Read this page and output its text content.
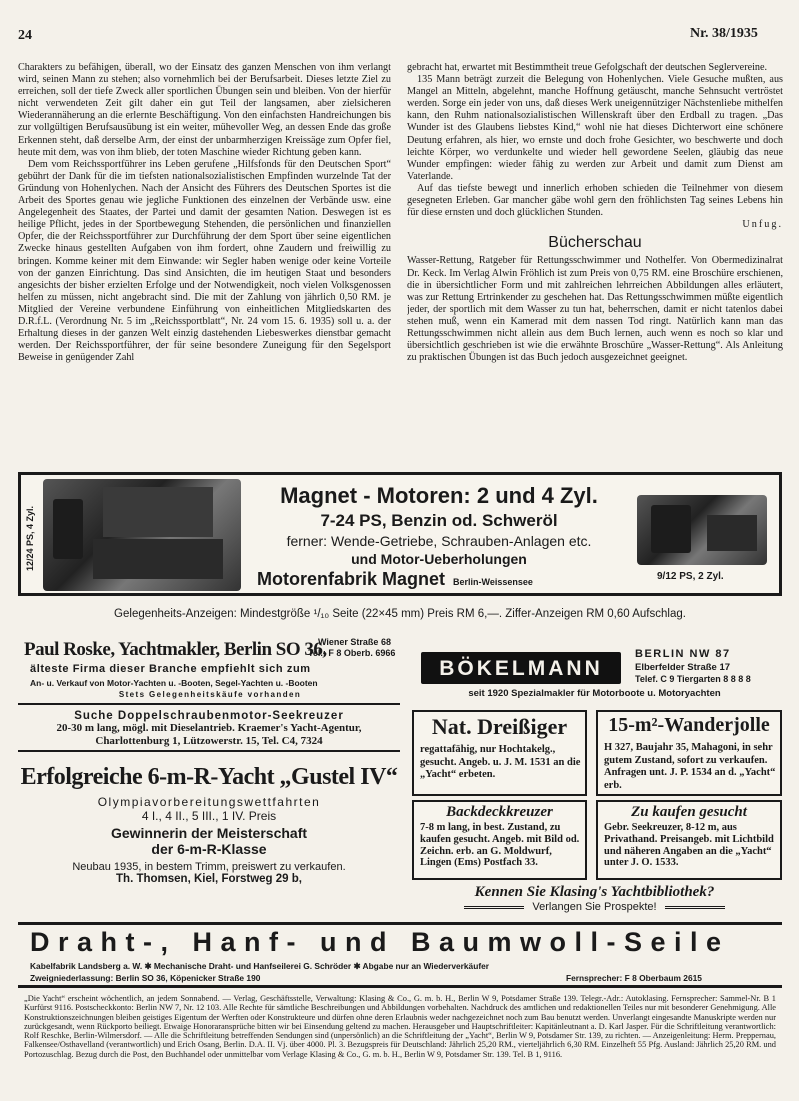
24	Nr. 38/1935

Charakters zu befähigen, überall, wo der Einsatz des ganzen Menschen von ihm verlangt wird, seinen Mann zu stehen; also vornehmlich bei der Berufsarbeit. Dieses letzte Ziel zu erreichen, soll der tiefe Zweck aller sportlichen Übungen sein und bleiben. Von der hierfür nicht verwendeten Zeit gilt daher ein gut Teil der langsamen, aber zielsicheren Wiederannäherung an die erlernte Beschäftigung. Von den einfachsten Handreichungen bis zur vollgültigen Berufsausübung ist ein weiter, mühevoller Weg, an dessen Ende das große Erkennen steht, daß derselbe Arm, der einst der unbarmherzigen Kreissäge zum Opfer fiel, heute mit dem, was von ihm blieb, der toten Maschine wieder Richtung geben kann.

Dem vom Reichssportführer ins Leben gerufene „Hilfsfonds für den Deutschen Sport“ gebührt der Dank für die im tiefsten nationalsozialistischen Empfinden wurzelnde Tat der Gründung von Hohenlychen. Nach der Ansicht des Führers des Deutschen Sportes ist die Arbeit des Sportes genau wie jegliche Funktionen des einzelnen der Verbände usw. eine Angelegenheit des Staates, der Partei und damit der gesamten Nation. Deswegen ist es heilige Pflicht, jedes in der Sportbewegung Stehenden, die persönlichen und finanziellen Opfer, die der Reichssportführer zur Durchführung der dem Sport über seine eigentlichen Zwecke hinaus gestellten Aufgaben von ihm fordert, ohne Zaudern und freiwillig zu bringen. Komme keiner mit dem Einwande: wir Segler haben wenige oder keine Vorteile von der ganzen Einrichtung. Das sind Ansichten, die im heutigen Staat und besonders angesichts der bisher erzielten Erfolge und der Notwendigkeit, noch vielen Volksgenossen helfen zu müssen, nicht angebracht sind. Die mit der Zahlung von jährlich 0,50 RM. je Mitglied der Vereine verbundene Einführung von einheitlichen Mitgliedskarten des D.R.f.L. (Verordnung Nr. 5 im „Reichssportblatt“, Nr. 24 vom 15. 6. 1935) soll u. a. der Erhaltung dieses in der ganzen Welt einzig dastehenden Liebeswerkes dienstbar gemacht werden. Der Reichssportführer, der für seine besondere Zuneigung für den Segelsport Beweise in genügender Zahl

gebracht hat, erwartet mit Bestimmtheit treue Gefolgschaft der deutschen Seglervereine.

135 Mann beträgt zurzeit die Belegung von Hohenlychen. Viele Gesuche mußten, aus Mangel an Mitteln, abgelehnt, manche Hoffnung getäuscht, manche Sehnsucht vertröstet werden. Sorge ein jeder von uns, daß dieses Werk uneigennütziger Nächstenliebe mithelfen kann, den Ruhm nationalsozialistischen Willenskraft über den Erdball zu tragen. „Das Wunder ist des Glaubens liebstes Kind,“ wohl nie hat dieses Dichterwort eine schönere Deutung erfahren, als hier, wo ernste und doch frohe Gesichter, wo beschwerte und doch leichte Körper, wo verdunkelte und wieder hell gewordene Seelen, gläubig das neue Wunder empfingen: wieder fähig zu werden zur Arbeit und damit zum Dienst am Vaterlande.

Auf das tiefste bewegt und innerlich erhoben schieden die Teilnehmer von diesem gesegneten Erleben. Gar mancher gäbe wohl gern den fröhlichsten Tag seines Lebens hin für diese ernsten und doch glücklichen Stunden.

Unfug.
Bücherschau

Wasser-Rettung, Ratgeber für Rettungsschwimmer und Nothelfer. Von Obermedizinalrat Dr. Keck. Im Verlag Alwin Fröhlich ist zum Preis von 0,75 RM. eine Broschüre erschienen, die in übersichtlicher Form und mit zahlreichen lehrreichen Abbildungen alles erläutert, was zur Rettung Ertrinkender zu geschehen hat. Das Rettungsschwimmen müßte eigentlich jeder, der sportlich mit dem Wasser zu tun hat, beherrschen, damit er nicht tatenlos dabei stehen muß, wenn ein Kamerad mit dem nassen Tod ringt. Natürlich kann man das Rettungsschwimmen nicht allein aus dem Buch lernen, auch wenn es noch so klar und übersichtlich geschrieben ist wie die erwähnte Broschüre „Wasser-Rettung“. Als Anleitung zu praktischen Übungen ist das Buch jedoch ausgezeichnet geeignet.

12/24 PS, 4 Zyl.
Magnet - Motoren: 2 und 4 Zyl.
7-24 PS, Benzin od. Schweröl
ferner: Wende-Getriebe, Schrauben-Anlagen etc.
und Motor-Ueberholungen
Motorenfabrik Magnet Berlin-Weissensee	9/12 PS, 2 Zyl.
Gelegenheits-Anzeigen: Mindestgröße ¹/₁₀ Seite (22×45 mm) Preis RM 6,—. Ziffer-Anzeigen RM 0,60 Aufschlag.
Paul Roske, Yachtmakler, Berlin SO 36,
Wiener Straße 68
Tel.: F 8 Oberb. 6966
älteste Firma dieser Branche empfiehlt sich zum
An- u. Verkauf von Motor-Yachten u. -Booten, Segel-Yachten u. -Booten
Stets Gelegenheitskäufe vorhanden
BÖKELMANN
BERLIN NW 87
Elberfelder Straße 17
Telef. C 9 Tiergarten 8 8 8 8
seit 1920 Spezialmakler für Motorboote u. Motoryachten
Suche Doppelschraubenmotor-Seekreuzer
20-30 m lang, mögl. mit Dieselantrieb. Kraemer's Yacht-Agentur, Charlottenburg 1, Lützowerstr. 15, Tel. C4, 7324
Erfolgreiche 6-m-R-Yacht „Gustel IV“
Olympiavorbereitungswettfahrten
4 I., 4 II., 5 III., 1 IV. Preis
Gewinnerin der Meisterschaft
der 6-m-R-Klasse
Neubau 1935, in bestem Trimm, preiswert zu verkaufen.
Th. Thomsen, Kiel, Forstweg 29 b,
Nat. Dreißiger
regattafähig, nur Hochtakelg., gesucht. Angeb. u. J. M. 1531 an die „Yacht“ erbeten.
15-m²-Wanderjolle
H 327, Baujahr 35, Mahagoni, in sehr gutem Zustand, sofort zu verkaufen. Anfragen unt. J. P. 1534 an d. „Yacht“ erb.
Backdeckkreuzer
7-8 m lang, in best. Zustand, zu kaufen gesucht. Angeb. mit Bild od. Zeichn. erb. an G. Moldwurf, Lingen (Ems) Postfach 33.
Zu kaufen gesucht
Gebr. Seekreuzer, 8-12 m, aus Privathand. Preisangeb. mit Lichtbild und näheren Angaben an die „Yacht“ unter J. O. 1533.
Kennen Sie Klasing's Yachtbibliothek?
Verlangen Sie Prospekte!
Draht-, Hanf- und Baumwoll-Seile
Kabelfabrik Landsberg a. W. ✱ Mechanische Draht- und Hanfseilerei G. Schröder ✱ Abgabe nur an Wiederverkäufer
Zweigniederlassung: Berlin SO 36, Köpenicker Straße 190	Fernsprecher: F 8 Oberbaum 2615
„Die Yacht“ erscheint wöchentlich, an jedem Sonnabend. — Verlag, Geschäftsstelle, Verwaltung: Klasing & Co., G. m. b. H., Berlin W 9, Potsdamer Straße 139. Telegr.-Adr.: Autoklasing. Fernsprecher: Sammel-Nr. B 1 Kurfürst 9116. Postscheckkonto: Berlin NW 7, Nr. 12 103. Alle Rechte für sämtliche Beschreibungen und Abbildungen vorbehalten. Nachdruck des amtlichen und redaktionellen Teiles nur mit besonderer Genehmigung. Alle Konstruktionszeichnungen bleiben geistiges Eigentum der Werften oder Konstrukteure und dürfen ohne deren Erlaubnis weder nachgezeichnet noch zum Bau benutzt werden. Unverlangt eingesandte Manuskripte werden nur zurückgesandt, wenn Rückporto beiliegt. Etwaige Honoraransprüche bitten wir bei Einsendung geltend zu machen. Herausgeber und Hauptschriftleiter: Kapitänleutnant a. D. Karl Jasper. Für die Schriftleitung verantwortlich: Rolf Reschke, Berlin-Wilmersdorf. — Alle die Schriftleitung betreffenden Sendungen sind (unpersönlich) an die Schriftleitung der „Yacht“, Berlin W 9, Potsdamer Str. 139, zu richten. — Anzeigenleitung: Herm. Preppernau, Falkensee/Osthavelland (verantwortlich) und Erich Osang, Berlin. D.A. II. Vj. über 4000. Pl. 3. Bezugspreis für Deutschland: Jährlich 25,20 RM., vierteljährlich 6,30 RM. Einzelheft 55 Pfg. Ausland: Jährlich 25,20 RM. und Portozuschlag. Bezug durch die Post, den Buchhandel oder unmittelbar vom Verlage Klasing & Co., G. m. b. H., Berlin W 9, Potsdamer Str. 139. Tel. B 1, 9116.
